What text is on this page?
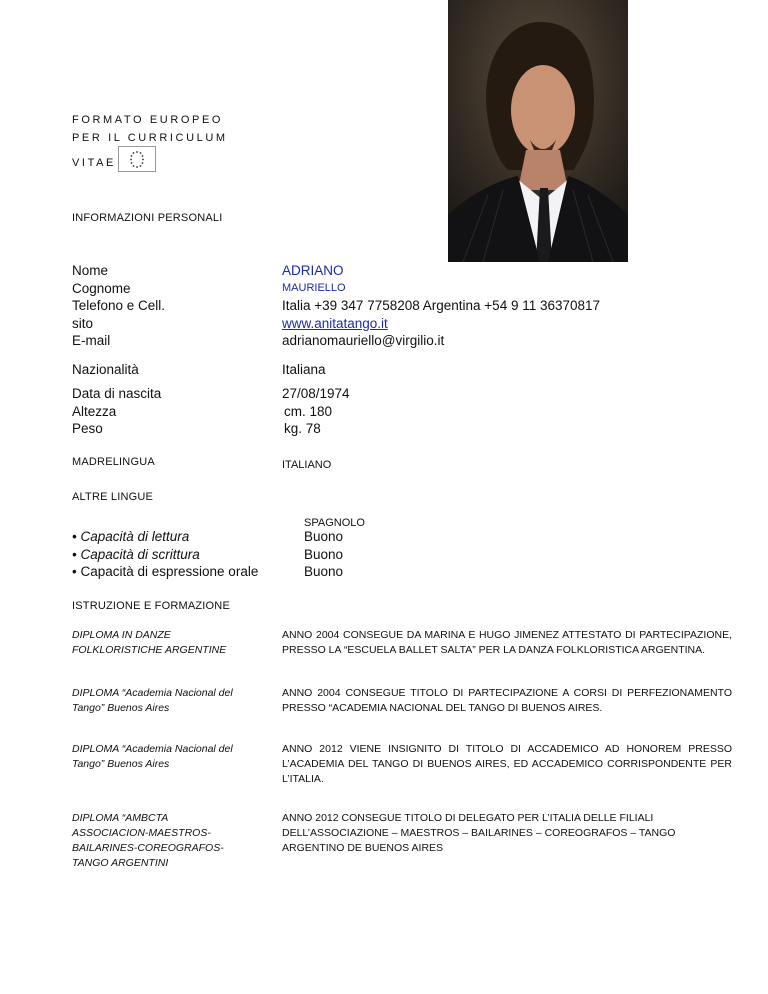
FORMATO EUROPEO
PER IL CURRICULUM
VITAE
INFORMAZIONI PERSONALI
Nome
Cognome
Telefono e Cell.
sito
E-mail
ADRIANO
MAURIELLO
Italia +39 347 7758208 Argentina +54 9 11 36370817
www.anitatango.it
adrianomauriello@virgilio.it
Nazionalità	Italiana
Data di nascita
Altezza
Peso
27/08/1974
cm. 180
kg. 78
MADRELINGUA	ITALIANO
ALTRE LINGUE
SPAGNOLO
• Capacità di lettura
• Capacità di scrittura
• Capacità di espressione orale
Buono
Buono
Buono
ISTRUZIONE E FORMAZIONE
DIPLOMA IN DANZE
FOLKLORISTICHE ARGENTINE
ANNO 2004 CONSEGUE DA MARINA E HUGO JIMENEZ ATTESTATO DI PARTECIPAZIONE, PRESSO LA “ESCUELA BALLET SALTA” PER LA DANZA FOLKLORISTICA ARGENTINA.
DIPLOMA “Academia Nacional del
Tango” Buenos Aires
ANNO 2004 CONSEGUE TITOLO DI PARTECIPAZIONE A CORSI DI PERFEZIONAMENTO PRESSO “ACADEMIA NACIONAL DEL TANGO DI BUENOS AIRES.
DIPLOMA “Academia Nacional del
Tango” Buenos Aires
ANNO 2012 VIENE INSIGNITO DI TITOLO DI ACCADEMICO AD HONOREM PRESSO L’ACADEMIA DEL TANGO DI BUENOS AIRES, ED ACCADEMICO CORRISPONDENTE PER L’ITALIA.
DIPLOMA “AMBCTA
ASSOCIACION-MAESTROS-
BAILARINES-COREOGRAFOS-
TANGO ARGENTINI
ANNO 2012 CONSEGUE TITOLO DI DELEGATO PER L’ITALIA DELLE FILIALI DELL’ASSOCIAZIONE – MAESTROS – BAILARINES – COREOGRAFOS – TANGO ARGENTINO DE BUENOS AIRES
